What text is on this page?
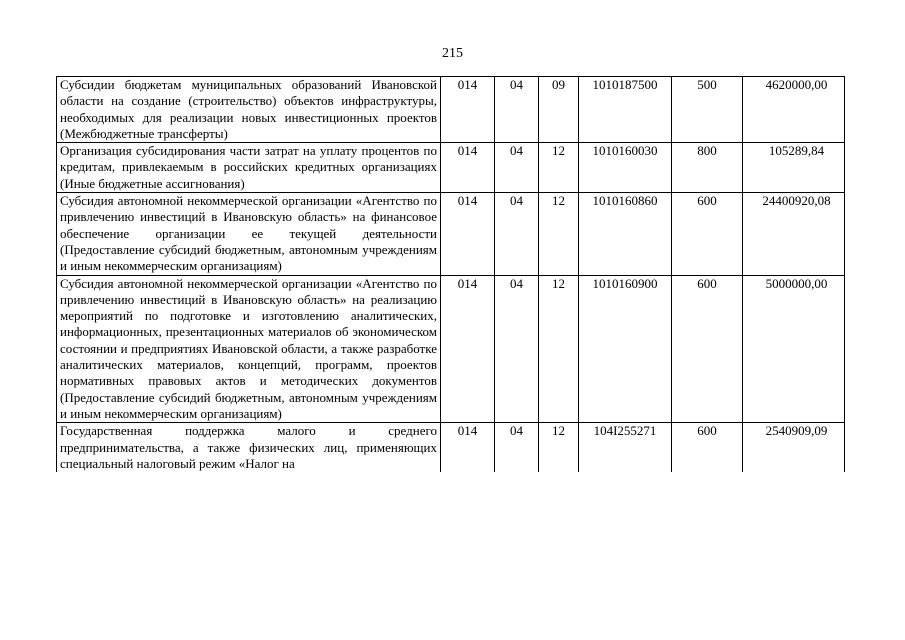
215
Субсидии бюджетам муниципальных образований Ивановской области на создание (строительство) объектов инфраструктуры, необходимых для реализации новых инвестиционных проектов (Межбюджетные трансферты)	014	04	09	1010187500	500	4620000,00
Организация субсидирования части затрат на уплату процентов по кредитам, привлекаемым в российских кредитных организациях (Иные бюджетные ассигнования)	014	04	12	1010160030	800	105289,84
Субсидия автономной некоммерческой организации «Агентство по привлечению инвестиций в Ивановскую область» на финансовое обеспечение организации ее текущей деятельности (Предоставление субсидий бюджетным, автономным учреждениям и иным некоммерческим организациям)	014	04	12	1010160860	600	24400920,08
Субсидия автономной некоммерческой организации «Агентство по привлечению инвестиций в Ивановскую область» на реализацию мероприятий по подготовке и изготовлению аналитических, информационных, презентационных материалов об экономическом состоянии и предприятиях Ивановской области, а также разработке аналитических материалов, концепций, программ, проектов нормативных правовых актов и методических документов (Предоставление субсидий бюджетным, автономным учреждениям и иным некоммерческим организациям)	014	04	12	1010160900	600	5000000,00
Государственная поддержка малого и среднего предпринимательства, а также физических лиц, применяющих специальный налоговый режим «Налог на	014	04	12	104I255271	600	2540909,09
